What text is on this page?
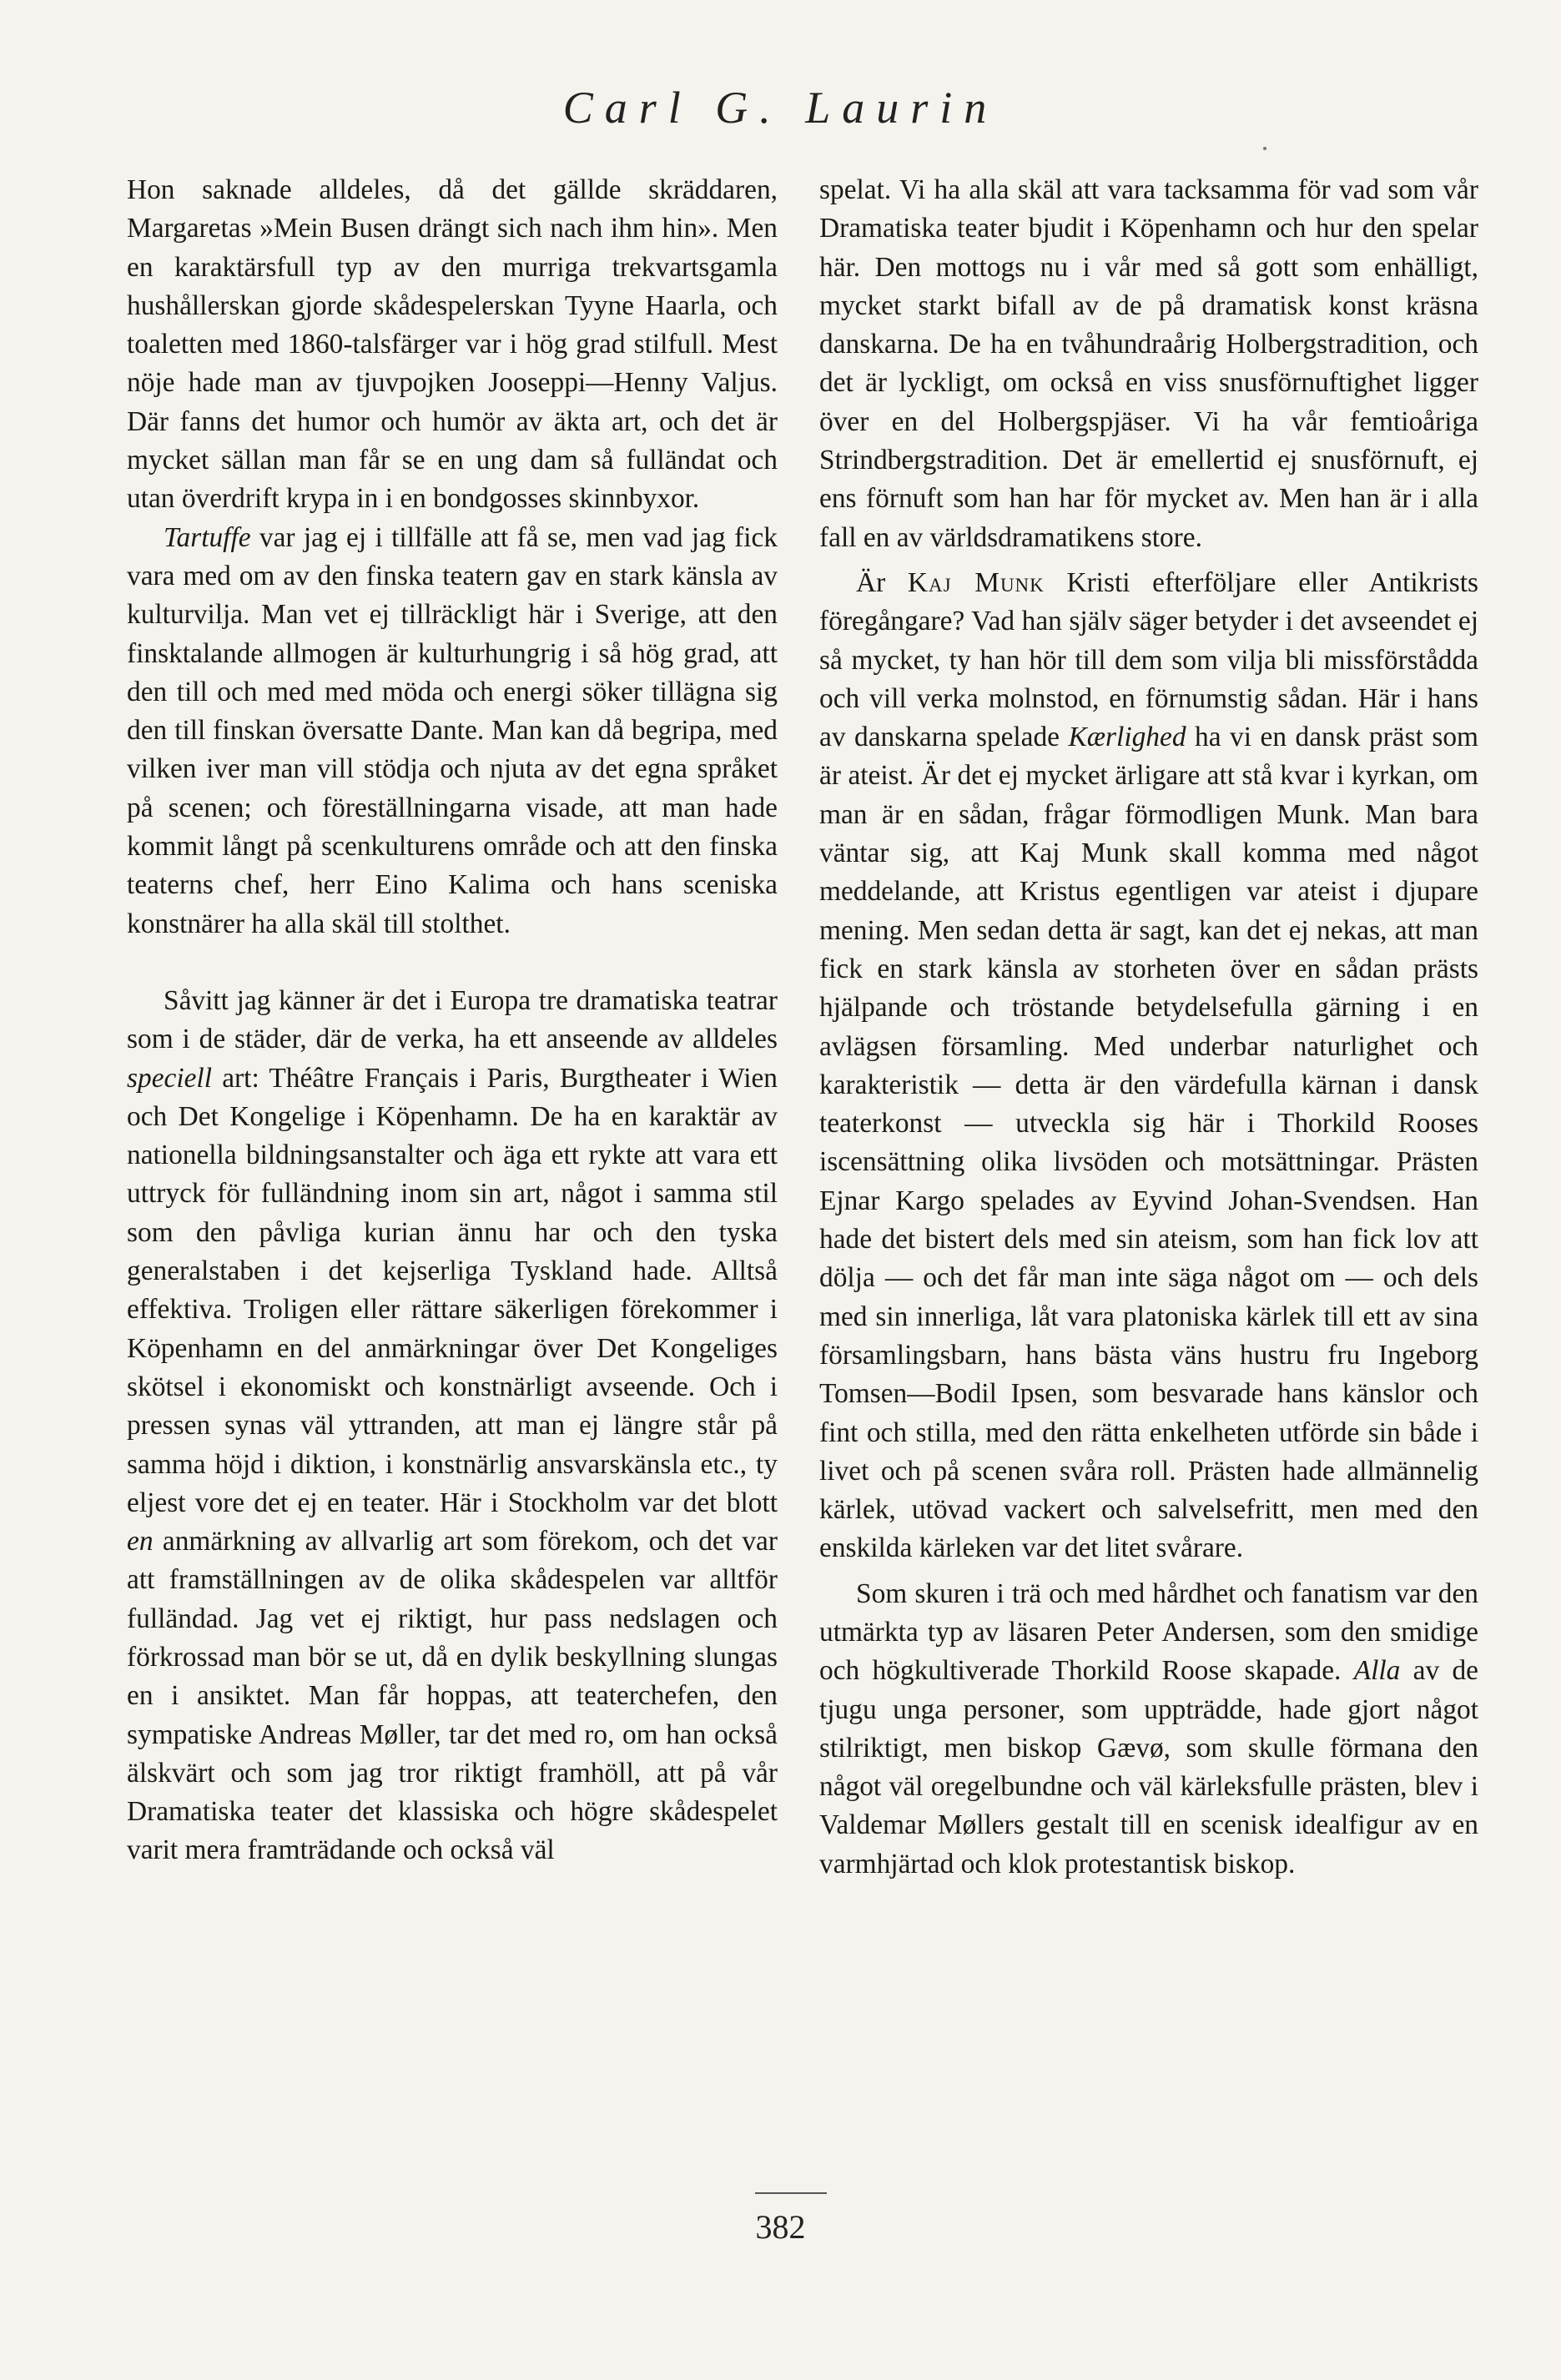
Carl G. Laurin

Hon saknade alldeles, då det gällde skräddaren, Margaretas »Mein Busen drängt sich nach ihm hin». Men en karaktärsfull typ av den murriga trekvartsgamla hushållerskan gjorde skådespelerskan Tyyne Haarla, och toaletten med 1860-talsfärger var i hög grad stilfull. Mest nöje hade man av tjuvpojken Jooseppi—Henny Valjus. Där fanns det humor och humör av äkta art, och det är mycket sällan man får se en ung dam så fulländat och utan överdrift krypa in i en bondgosses skinnbyxor.

Tartuffe var jag ej i tillfälle att få se, men vad jag fick vara med om av den finska teatern gav en stark känsla av kulturvilja. Man vet ej tillräckligt här i Sverige, att den finsktalande allmogen är kulturhungrig i så hög grad, att den till och med med möda och energi söker tillägna sig den till finskan översatte Dante. Man kan då begripa, med vilken iver man vill stödja och njuta av det egna språket på scenen; och föreställningarna visade, att man hade kommit långt på scenkulturens område och att den finska teaterns chef, herr Eino Kalima och hans sceniska konstnärer ha alla skäl till stolthet.

Såvitt jag känner är det i Europa tre dramatiska teatrar som i de städer, där de verka, ha ett anseende av alldeles speciell art: Théâtre Français i Paris, Burgtheater i Wien och Det Kongelige i Köpenhamn. De ha en karaktär av nationella bildningsanstalter och äga ett rykte att vara ett uttryck för fulländning inom sin art, något i samma stil som den påvliga kurian ännu har och den tyska generalstaben i det kejserliga Tyskland hade. Alltså effektiva. Troligen eller rättare säkerligen förekommer i Köpenhamn en del anmärkningar över Det Kongeliges skötsel i ekonomiskt och konstnärligt avseende. Och i pressen synas väl yttranden, att man ej längre står på samma höjd i diktion, i konstnärlig ansvarskänsla etc., ty eljest vore det ej en teater. Här i Stockholm var det blott en anmärkning av allvarlig art som förekom, och det var att framställningen av de olika skådespelen var alltför fulländad. Jag vet ej riktigt, hur pass nedslagen och förkrossad man bör se ut, då en dylik beskyllning slungas en i ansiktet. Man får hoppas, att teaterchefen, den sympatiske Andreas Møller, tar det med ro, om han också älskvärt och som jag tror riktigt framhöll, att på vår Dramatiska teater det klassiska och högre skådespelet varit mera framträdande och också väl

spelat. Vi ha alla skäl att vara tacksamma för vad som vår Dramatiska teater bjudit i Köpenhamn och hur den spelar här. Den mottogs nu i vår med så gott som enhälligt, mycket starkt bifall av de på dramatisk konst kräsna danskarna. De ha en tvåhundraårig Holbergstradition, och det är lyckligt, om också en viss snusförnuftighet ligger över en del Holbergspjäser. Vi ha vår femtioåriga Strindbergstradition. Det är emellertid ej snusförnuft, ej ens förnuft som han har för mycket av. Men han är i alla fall en av världsdramatikens store.

Är Kaj Munk Kristi efterföljare eller Antikrists föregångare? Vad han själv säger betyder i det avseendet ej så mycket, ty han hör till dem som vilja bli missförstådda och vill verka molnstod, en förnumstig sådan. Här i hans av danskarna spelade Kærlighed ha vi en dansk präst som är ateist. Är det ej mycket ärligare att stå kvar i kyrkan, om man är en sådan, frågar förmodligen Munk. Man bara väntar sig, att Kaj Munk skall komma med något meddelande, att Kristus egentligen var ateist i djupare mening. Men sedan detta är sagt, kan det ej nekas, att man fick en stark känsla av storheten över en sådan prästs hjälpande och tröstande betydelsefulla gärning i en avlägsen församling. Med underbar naturlighet och karakteristik — detta är den värdefulla kärnan i dansk teaterkonst — utveckla sig här i Thorkild Rooses iscensättning olika livsöden och motsättningar. Prästen Ejnar Kargo spelades av Eyvind Johan-Svendsen. Han hade det bistert dels med sin ateism, som han fick lov att dölja — och det får man inte säga något om — och dels med sin innerliga, låt vara platoniska kärlek till ett av sina församlingsbarn, hans bästa väns hustru fru Ingeborg Tomsen—Bodil Ipsen, som besvarade hans känslor och fint och stilla, med den rätta enkelheten utförde sin både i livet och på scenen svåra roll. Prästen hade allmännelig kärlek, utövad vackert och salvelsefritt, men med den enskilda kärleken var det litet svårare.

Som skuren i trä och med hårdhet och fanatism var den utmärkta typ av läsaren Peter Andersen, som den smidige och högkultiverade Thorkild Roose skapade. Alla av de tjugu unga personer, som uppträdde, hade gjort något stilriktigt, men biskop Gævø, som skulle förmana den något väl oregelbundne och väl kärleksfulle prästen, blev i Valdemar Møllers gestalt till en scenisk idealfigur av en varmhjärtad och klok protestantisk biskop.

382
